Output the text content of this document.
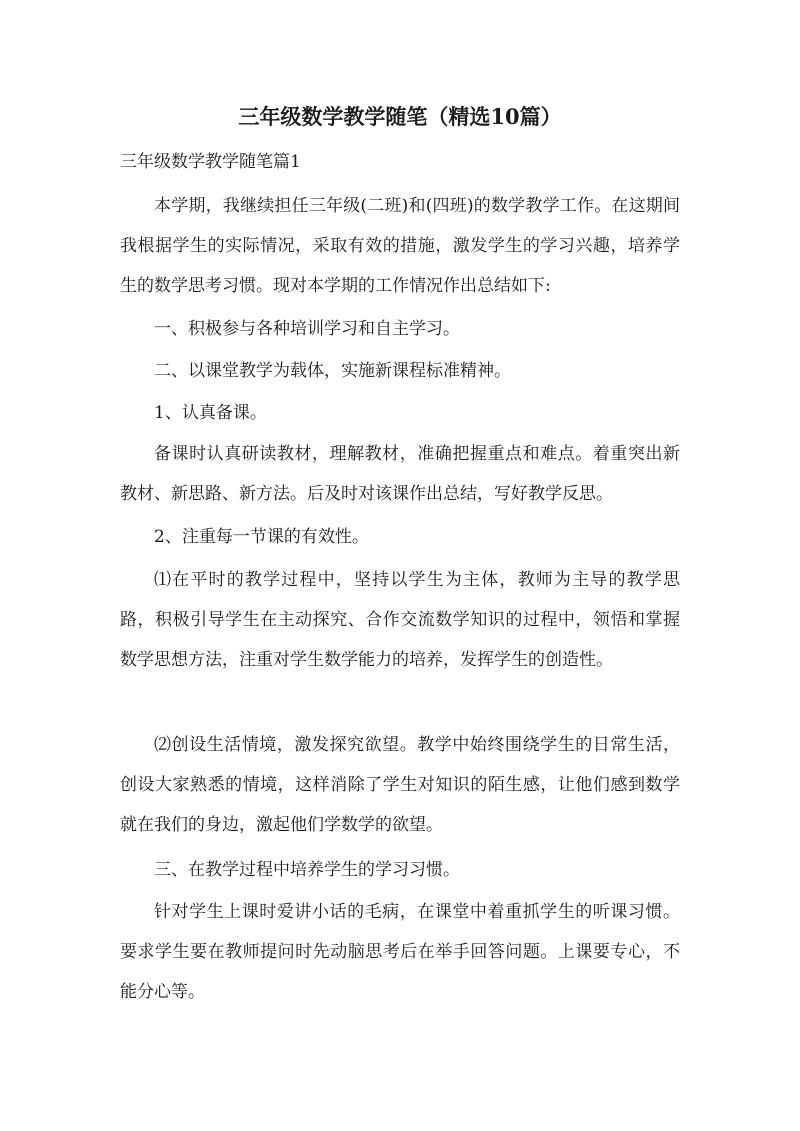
三年级数学教学随笔（精选10篇）
三年级数学教学随笔篇1

本学期，我继续担任三年级(二班)和(四班)的数学教学工作。在这期间我根据学生的实际情况，采取有效的措施，激发学生的学习兴趣，培养学生的数学思考习惯。现对本学期的工作情况作出总结如下:

一、积极参与各种培训学习和自主学习。

二、以课堂教学为载体，实施新课程标准精神。

1、认真备课。

备课时认真研读教材，理解教材，准确把握重点和难点。着重突出新教材、新思路、新方法。后及时对该课作出总结，写好教学反思。

2、注重每一节课的有效性。

⑴在平时的教学过程中，坚持以学生为主体，教师为主导的教学思路，积极引导学生在主动探究、合作交流数学知识的过程中，领悟和掌握数学思想方法，注重对学生数学能力的培养，发挥学生的创造性。

⑵创设生活情境，激发探究欲望。教学中始终围绕学生的日常生活，创设大家熟悉的情境，这样消除了学生对知识的陌生感，让他们感到数学就在我们的身边，激起他们学数学的欲望。

三、在教学过程中培养学生的学习习惯。

针对学生上课时爱讲小话的毛病，在课堂中着重抓学生的听课习惯。要求学生要在教师提问时先动脑思考后在举手回答问题。上课要专心，不能分心等。
